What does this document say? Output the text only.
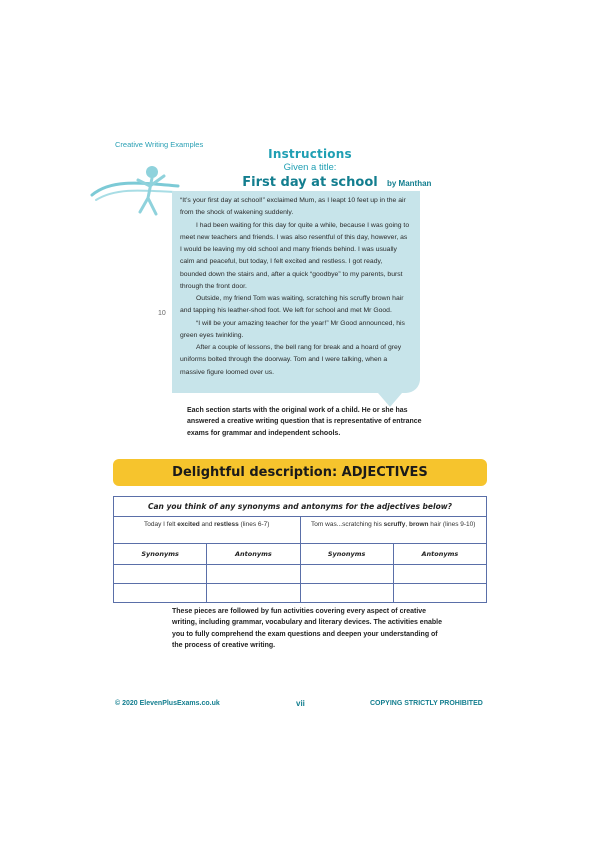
Creative Writing Examples
Instructions
Given a title:
First day at school	by Manthan
10

“It’s your first day at school!” exclaimed Mum, as I leapt 10 feet up in the air from the shock of wakening suddenly.

I had been waiting for this day for quite a while, because I was going to meet new teachers and friends. I was also resentful of this day, however, as I would be leaving my old school and many friends behind. I was usually calm and peaceful, but today, I felt excited and restless. I got ready, bounded down the stairs and, after a quick “goodbye” to my parents, burst through the front door.

Outside, my friend Tom was waiting, scratching his scruffy brown hair and tapping his leather-shod foot. We left for school and met Mr Good.

“I will be your amazing teacher for the year!” Mr Good announced, his green eyes twinkling.

After a couple of lessons, the bell rang for break and a hoard of grey uniforms bolted through the doorway. Tom and I were talking, when a massive figure loomed over us.

Each section starts with the original work of a child. He or she has answered a creative writing question that is representative of entrance exams for grammar and independent schools.
Delightful description: ADJECTIVES
Can you think of any synonyms and antonyms for the adjectives below?
Today I felt excited and restless (lines 6-7)	Tom was...scratching his scruffy, brown hair (lines 9-10)
Synonyms	Antonyms	Synonyms	Antonyms
These pieces are followed by fun activities covering every aspect of creative writing, including grammar, vocabulary and literary devices. The activities enable you to fully comprehend the exam questions and deepen your understanding of the process of creative writing.
© 2020 ElevenPlusExams.co.uk	vii	COPYING STRICTLY PROHIBITED
